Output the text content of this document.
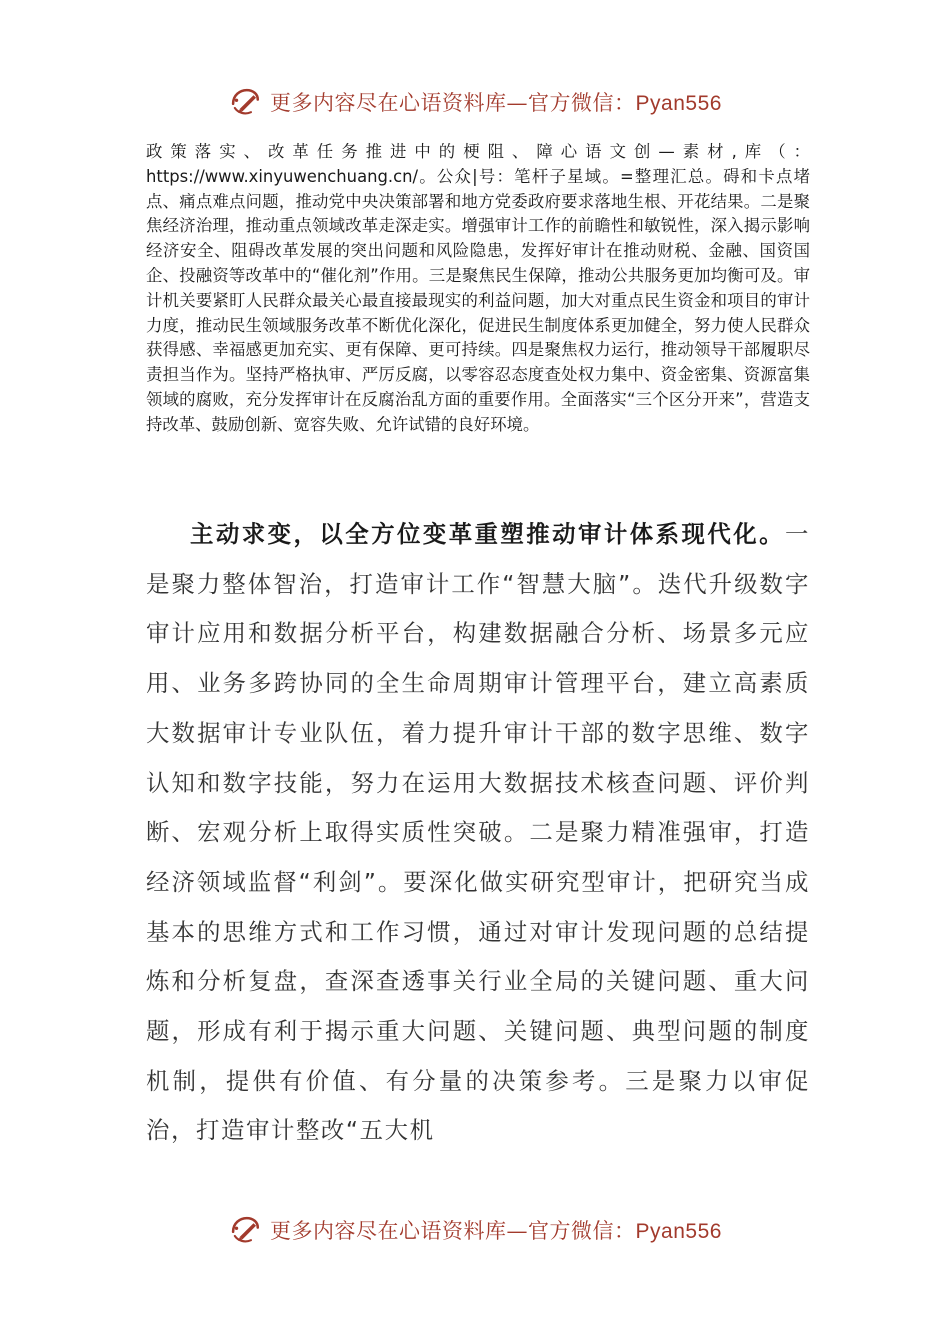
更多内容尽在心语资料库—官方微信：Pyan556

政策落实、改革任务推进中的梗阻、障心语文创—素材,库（：https://www.xinyuwenchuang.cn/。公众|号：笔杆子星域。=整理汇总。碍和卡点堵点、痛点难点问题，推动党中央决策部署和地方党委政府要求落地生根、开花结果。二是聚焦经济治理，推动重点领域改革走深走实。增强审计工作的前瞻性和敏锐性，深入揭示影响经济安全、阻碍改革发展的突出问题和风险隐患，发挥好审计在推动财税、金融、国资国企、投融资等改革中的“催化剂”作用。三是聚焦民生保障，推动公共服务更加均衡可及。审计机关要紧盯人民群众最关心最直接最现实的利益问题，加大对重点民生资金和项目的审计力度，推动民生领域服务改革不断优化深化，促进民生制度体系更加健全，努力使人民群众获得感、幸福感更加充实、更有保障、更可持续。四是聚焦权力运行，推动领导干部履职尽责担当作为。坚持严格执审、严厉反腐，以零容忍态度查处权力集中、资金密集、资源富集领域的腐败，充分发挥审计在反腐治乱方面的重要作用。全面落实“三个区分开来”，营造支持改革、鼓励创新、宽容失败、允许试错的良好环境。

主动求变，以全方位变革重塑推动审计体系现代化。一是聚力整体智治，打造审计工作“智慧大脑”。迭代升级数字审计应用和数据分析平台，构建数据融合分析、场景多元应用、业务多跨协同的全生命周期审计管理平台，建立高素质大数据审计专业队伍，着力提升审计干部的数字思维、数字认知和数字技能，努力在运用大数据技术核查问题、评价判断、宏观分析上取得实质性突破。二是聚力精准强审，打造经济领域监督“利剑”。要深化做实研究型审计，把研究当成基本的思维方式和工作习惯，通过对审计发现问题的总结提炼和分析复盘，查深查透事关行业全局的关键问题、重大问题，形成有利于揭示重大问题、关键问题、典型问题的制度机制，提供有价值、有分量的决策参考。三是聚力以审促治，打造审计整改“五大机

更多内容尽在心语资料库—官方微信：Pyan556
